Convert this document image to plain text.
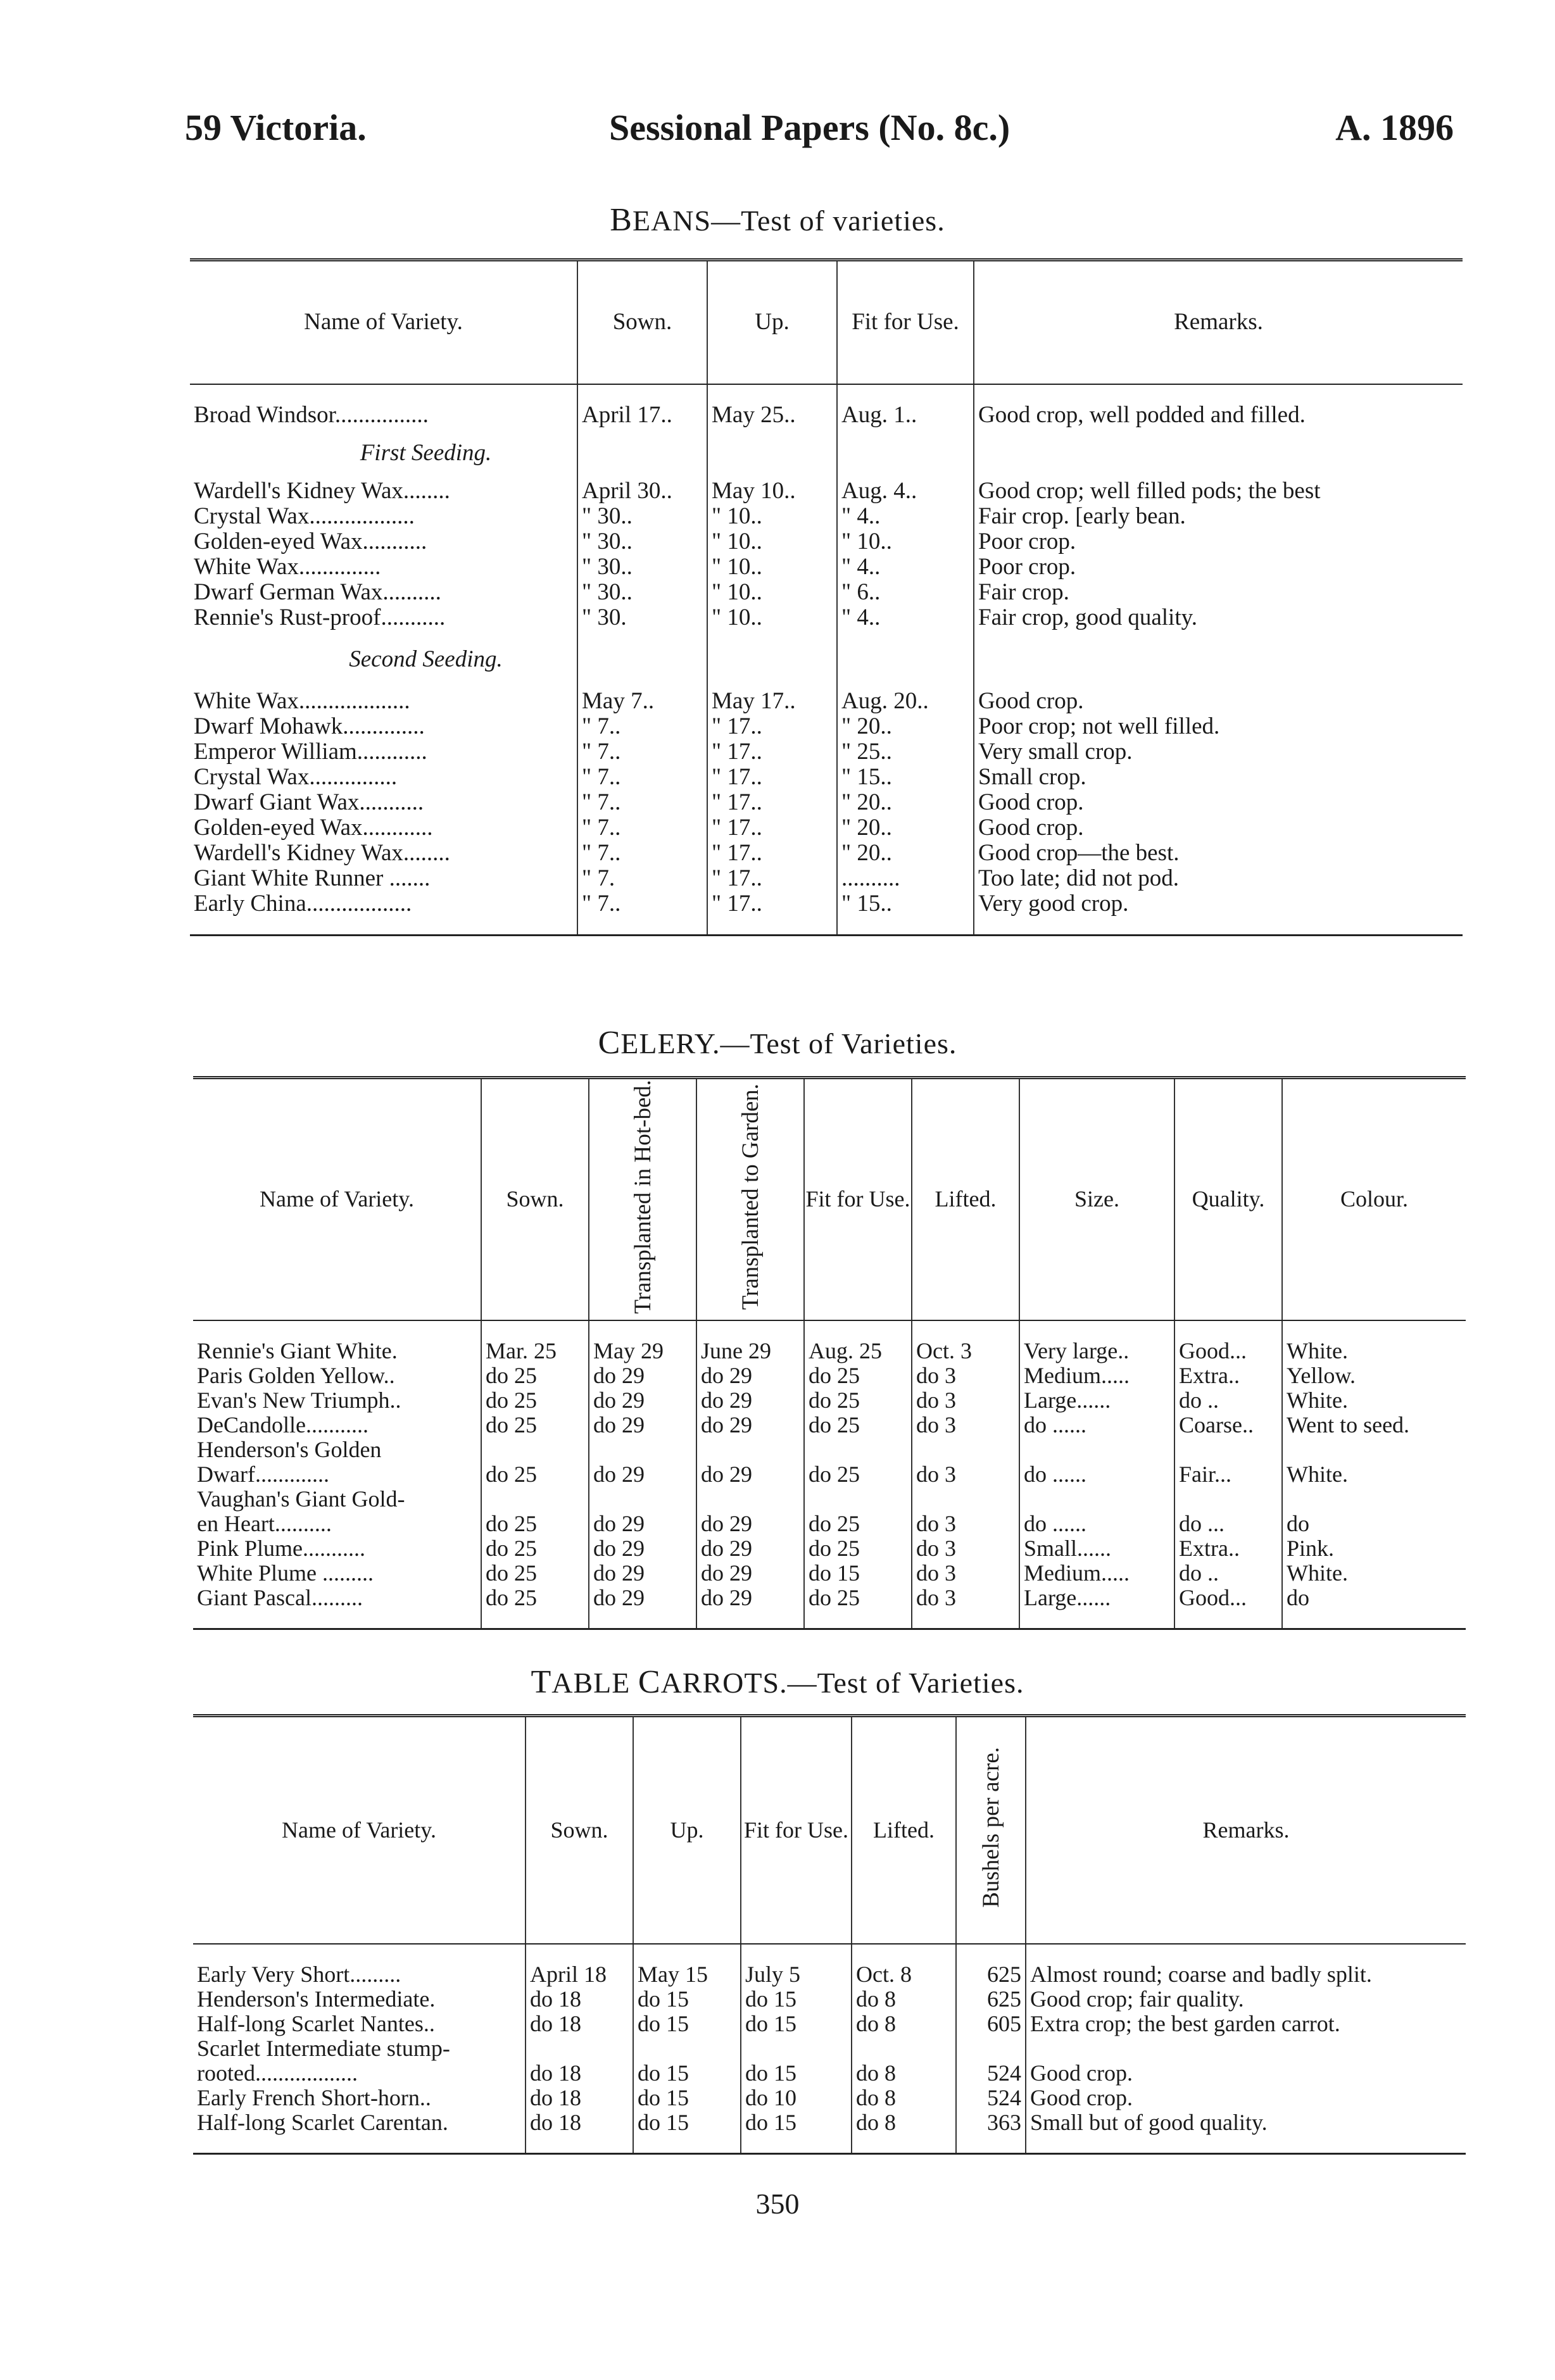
59 Victoria.	Sessional Papers (No. 8c.)	A. 1896
BEANS—Test of varieties.
Name of Variety.	Sown.	Up.	Fit for Use.	Remarks.

Broad Windsor................	April 17..	May 25..	Aug. 1..	Good crop, well podded and filled.
First Seeding.				
Wardell's Kidney Wax........	April 30..	May 10..	Aug. 4..	Good crop; well filled pods; the best
Crystal Wax..................	" 30..	" 10..	" 4..	Fair crop. [early bean.
Golden-eyed Wax...........	" 30..	" 10..	" 10..	Poor crop.
White Wax..............	" 30..	" 10..	" 4..	Poor crop.
Dwarf German Wax..........	" 30..	" 10..	" 6..	Fair crop.
Rennie's Rust-proof...........	" 30.	" 10..	" 4..	Fair crop, good quality.
Second Seeding.				
White Wax...................	May 7..	May 17..	Aug. 20..	Good crop.
Dwarf Mohawk..............	" 7..	" 17..	" 20..	Poor crop; not well filled.
Emperor William............	" 7..	" 17..	" 25..	Very small crop.
Crystal Wax...............	" 7..	" 17..	" 15..	Small crop.
Dwarf Giant Wax...........	" 7..	" 17..	" 20..	Good crop.
Golden-eyed Wax............	" 7..	" 17..	" 20..	Good crop.
Wardell's Kidney Wax........	" 7..	" 17..	" 20..	Good crop—the best.
Giant White Runner .......	" 7.	" 17..	..........	Too late; did not pod.
Early China..................	" 7..	" 17..	" 15..	Very good crop.

CELERY.—Test of Varieties.
Name of Variety.	Sown.	Transplanted in Hot-bed.	Transplanted to Garden.	Fit for Use.	Lifted.	Size.	Quality.	Colour.

Rennie's Giant White.	Mar. 25	May 29	June 29	Aug. 25	Oct. 3	Very large..	Good...	White.
Paris Golden Yellow..	do 25	do 29	do 29	do 25	do 3	Medium.....	Extra..	Yellow.
Evan's New Triumph..	do 25	do 29	do 29	do 25	do 3	Large......	do ..	White.
DeCandolle...........	do 25	do 29	do 29	do 25	do 3	do ......	Coarse..	Went to seed.
Henderson's Golden								
Dwarf.............	do 25	do 29	do 29	do 25	do 3	do ......	Fair...	White.
Vaughan's Giant Gold-								
en Heart..........	do 25	do 29	do 29	do 25	do 3	do ......	do ...	do
Pink Plume...........	do 25	do 29	do 29	do 25	do 3	Small......	Extra..	Pink.
White Plume .........	do 25	do 29	do 29	do 15	do 3	Medium.....	do ..	White.
Giant Pascal.........	do 25	do 29	do 29	do 25	do 3	Large......	Good...	do

TABLE CARROTS.—Test of Varieties.
Name of Variety.	Sown.	Up.	Fit for Use.	Lifted.	Bushels per acre.	Remarks.

Early Very Short.........	April 18	May 15	July 5	Oct. 8	625	Almost round; coarse and badly split.
Henderson's Intermediate.	do 18	do 15	do 15	do 8	625	Good crop; fair quality.
Half-long Scarlet Nantes..	do 18	do 15	do 15	do 8	605	Extra crop; the best garden carrot.
Scarlet Intermediate stump-						
rooted..................	do 18	do 15	do 15	do 8	524	Good crop.
Early French Short-horn..	do 18	do 15	do 10	do 8	524	Good crop.
Half-long Scarlet Carentan.	do 18	do 15	do 15	do 8	363	Small but of good quality.

350
